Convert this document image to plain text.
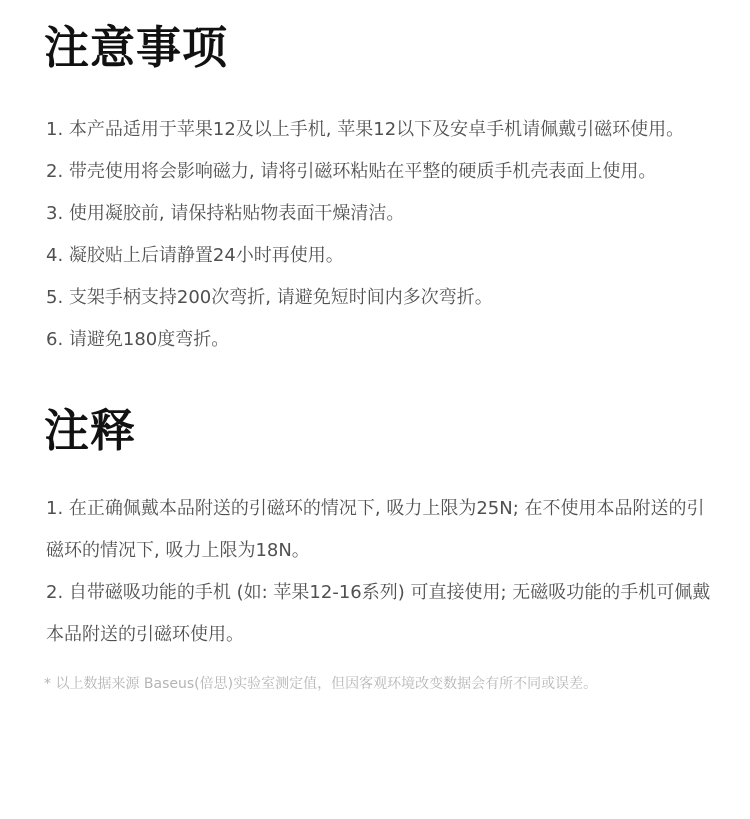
注意事项
1. 本产品适用于苹果12及以上手机, 苹果12以下及安卓手机请佩戴引磁环使用。
2. 带壳使用将会影响磁力, 请将引磁环粘贴在平整的硬质手机壳表面上使用。
3. 使用凝胶前, 请保持粘贴物表面干燥清洁。
4. 凝胶贴上后请静置24小时再使用。
5. 支架手柄支持200次弯折, 请避免短时间内多次弯折。
6. 请避免180度弯折。
注释
1. 在正确佩戴本品附送的引磁环的情况下, 吸力上限为25N; 在不使用本品附送的引磁环的情况下, 吸力上限为18N。
2. 自带磁吸功能的手机 (如: 苹果12-16系列) 可直接使用; 无磁吸功能的手机可佩戴本品附送的引磁环使用。

* 以上数据来源 Baseus(倍思)实验室测定值，但因客观环境改变数据会有所不同或误差。
